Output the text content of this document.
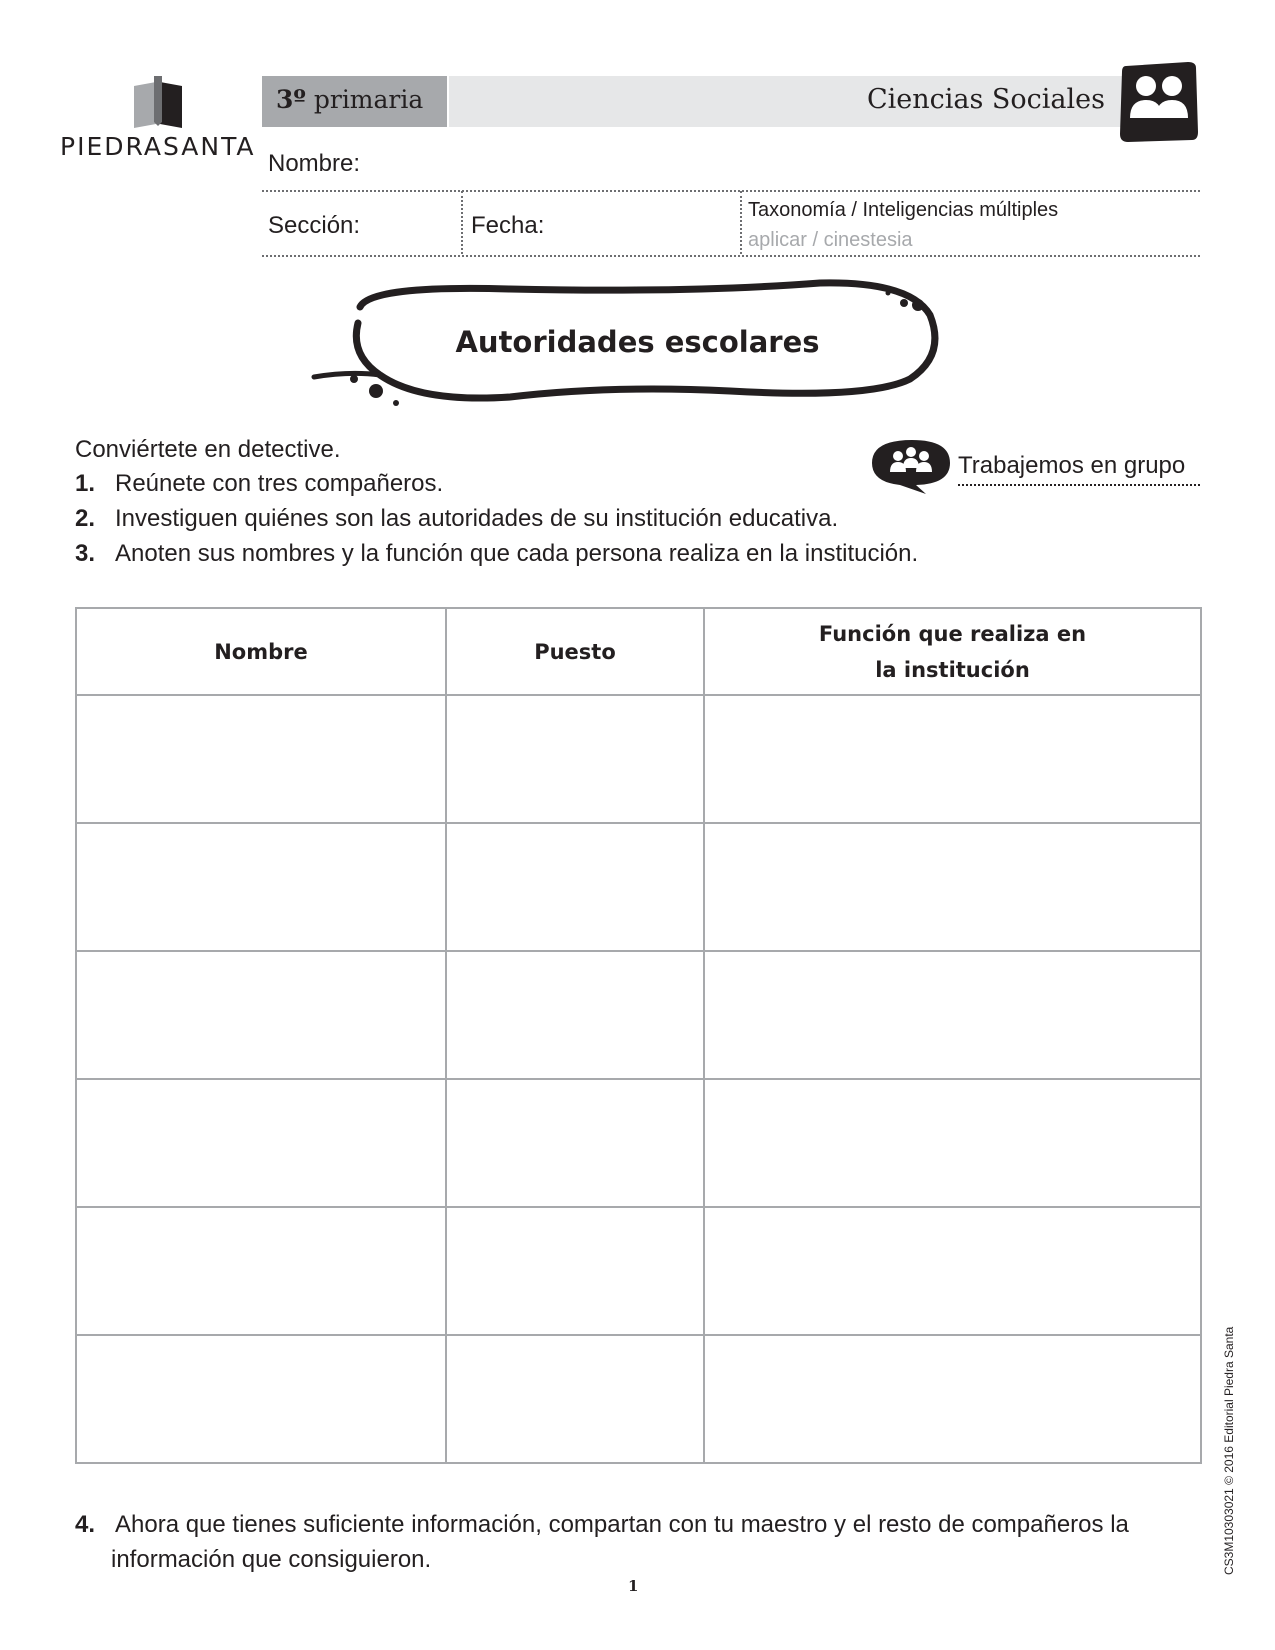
PIEDRASANTA
3º primaria	Ciencias Sociales
Nombre:
Sección:	Fecha:
Taxonomía / Inteligencias múltiples
aplicar / cinestesia
Autoridades escolares
Conviértete en detective.
1. Reúnete con tres compañeros.
2. Investiguen quiénes son las autoridades de su institución educativa.
3. Anoten sus nombres y la función que cada persona realiza en la institución.
Trabajemos en grupo
Nombre	Puesto	Función que realiza en
la institución

4. Ahora que tienes suficiente información, compartan con tu maestro y el resto de compañeros la
información que consiguieron.
1
CS3M10303021 © 2016 Editorial Piedra Santa
